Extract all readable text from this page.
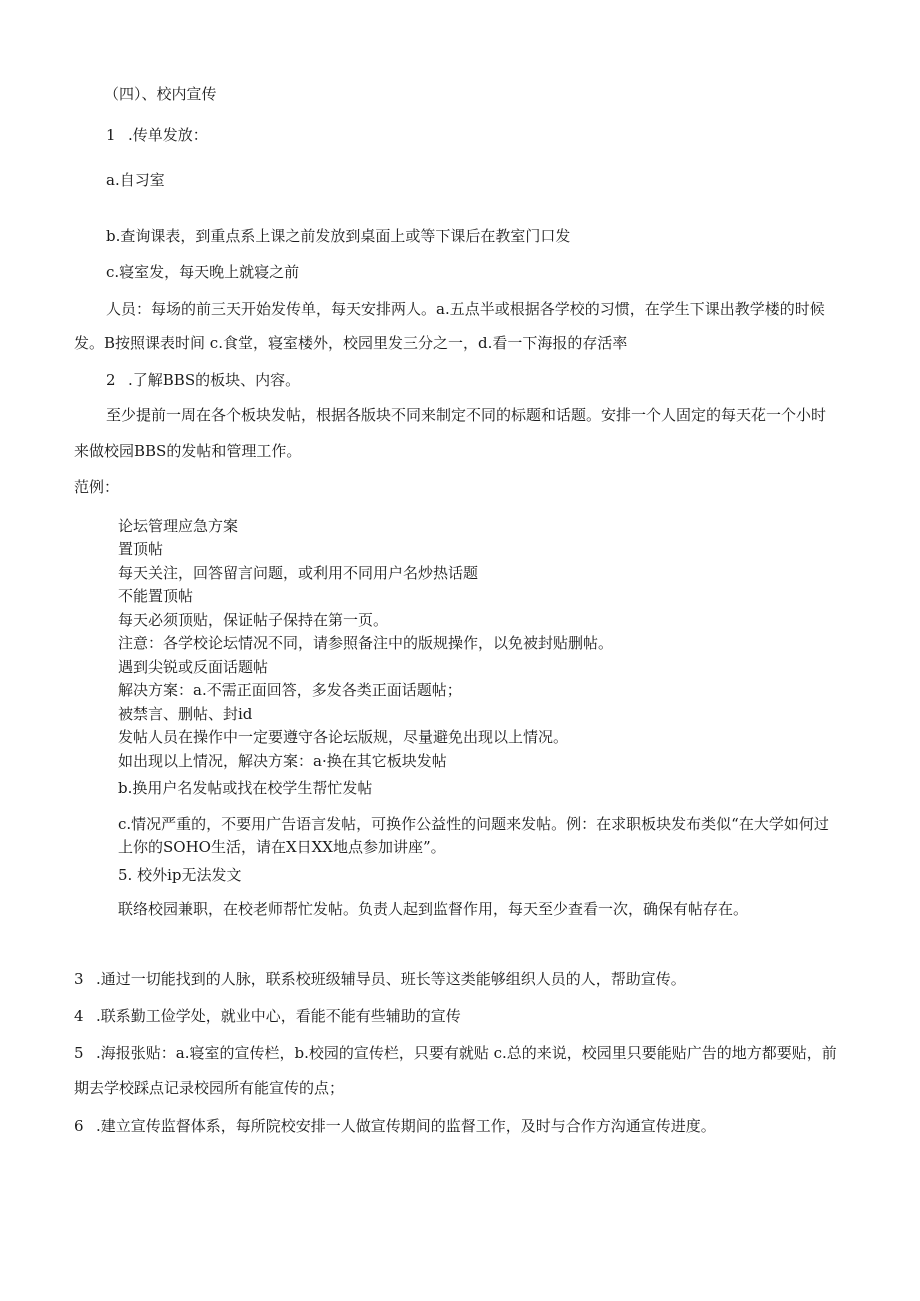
（四）、校内宣传
1 .传单发放：
a.自习室
b.查询课表，到重点系上课之前发放到桌面上或等下课后在教室门口发
c.寝室发，每天晚上就寝之前
人员：每场的前三天开始发传单，每天安排两人。a.五点半或根据各学校的习惯，在学生下课出教学楼的时候
发。B按照课表时间 c.食堂，寝室楼外，校园里发三分之一，d.看一下海报的存活率
2 .了解BBS的板块、内容。
至少提前一周在各个板块发帖，根据各版块不同来制定不同的标题和话题。安排一个人固定的每天花一个小时
来做校园BBS的发帖和管理工作。
范例：
论坛管理应急方案
置顶帖
每天关注，回答留言问题，或利用不同用户名炒热话题
不能置顶帖
每天必须顶贴，保证帖子保持在第一页。
注意：各学校论坛情况不同，请参照备注中的版规操作，以免被封贴删帖。
遇到尖锐或反面话题帖
解决方案：a.不需正面回答，多发各类正面话题帖；
被禁言、删帖、封id
发帖人员在操作中一定要遵守各论坛版规，尽量避免出现以上情况。
如出现以上情况，解决方案：a·换在其它板块发帖
b.换用户名发帖或找在校学生帮忙发帖
c.情况严重的，不要用广告语言发帖，可换作公益性的问题来发帖。例：在求职板块发布类似“在大学如何过
上你的SOHO生活，请在X日XX地点参加讲座”。
5. 校外ip无法发文
联络校园兼职，在校老师帮忙发帖。负责人起到监督作用，每天至少查看一次，确保有帖存在。
3 .通过一切能找到的人脉，联系校班级辅导员、班长等这类能够组织人员的人，帮助宣传。
4 .联系勤工俭学处，就业中心，看能不能有些辅助的宣传
5 .海报张贴：a.寝室的宣传栏，b.校园的宣传栏，只要有就贴 c.总的来说，校园里只要能贴广告的地方都要贴，前
期去学校踩点记录校园所有能宣传的点；
6 .建立宣传监督体系，每所院校安排一人做宣传期间的监督工作，及时与合作方沟通宣传进度。
